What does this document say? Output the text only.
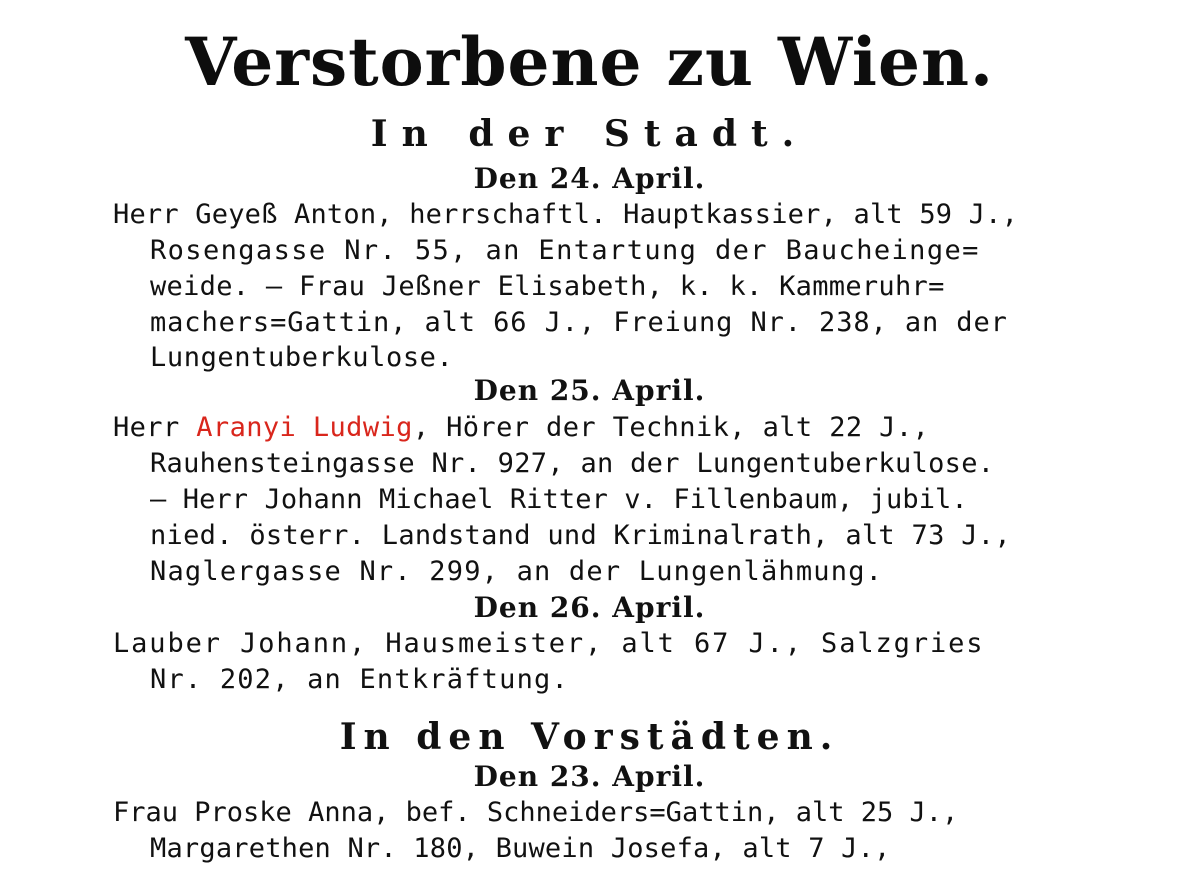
Verstorbene zu Wien.
In der Stadt.
Den 24. April.
Herr Geyeß Anton, herrschaftl. Hauptkassier, alt 59 J.,
Rosengasse Nr. 55, an Entartung der Baucheinge=
weide. — Frau Jeßner Elisabeth, k. k. Kammeruhr=
machers=Gattin, alt 66 J., Freiung Nr. 238, an der
Lungentuberkulose.
Den 25. April.
Herr Aranyi Ludwig, Hörer der Technik, alt 22 J.,
Rauhensteingasse Nr. 927, an der Lungentuberkulose.
— Herr Johann Michael Ritter v. Fillenbaum, jubil.
nied. österr. Landstand und Kriminalrath, alt 73 J.,
Naglergasse Nr. 299, an der Lungenlähmung.
Den 26. April.
Lauber Johann, Hausmeister, alt 67 J., Salzgries
Nr. 202, an Entkräftung.
In den Vorstädten.
Den 23. April.
Frau Proske Anna, bef. Schneiders=Gattin, alt 25 J.,
Margarethen Nr. 180, Buwein Josefa, alt 7 J.,
